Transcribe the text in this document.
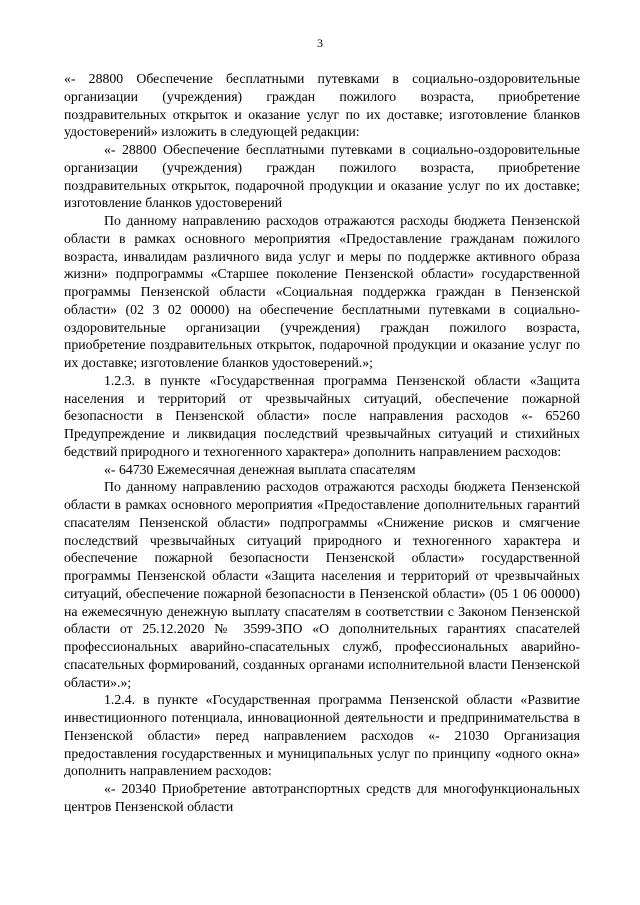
3

«- 28800 Обеспечение бесплатными путевками в социально-оздоровительные организации (учреждения) граждан пожилого возраста, приобретение поздравительных открыток и оказание услуг по их доставке; изготовление бланков удостоверений» изложить в следующей редакции:

«- 28800 Обеспечение бесплатными путевками в социально-оздоровительные организации (учреждения) граждан пожилого возраста, приобретение поздравительных открыток, подарочной продукции и оказание услуг по их доставке; изготовление бланков удостоверений

По данному направлению расходов отражаются расходы бюджета Пензенской области в рамках основного мероприятия «Предоставление гражданам пожилого возраста, инвалидам различного вида услуг и меры по поддержке активного образа жизни» подпрограммы «Старшее поколение Пензенской области» государственной программы Пензенской области «Социальная поддержка граждан в Пензенской области» (02 3 02 00000) на обеспечение бесплатными путевками в социально-оздоровительные организации (учреждения) граждан пожилого возраста, приобретение поздравительных открыток, подарочной продукции и оказание услуг по их доставке; изготовление бланков удостоверений.»;

1.2.3. в пункте «Государственная программа Пензенской области «Защита населения и территорий от чрезвычайных ситуаций, обеспечение пожарной безопасности в Пензенской области» после направления расходов «- 65260 Предупреждение и ликвидация последствий чрезвычайных ситуаций и стихийных бедствий природного и техногенного характера» дополнить направлением расходов:

«- 64730 Ежемесячная денежная выплата спасателям

По данному направлению расходов отражаются расходы бюджета Пензенской области в рамках основного мероприятия «Предоставление дополнительных гарантий спасателям Пензенской области» подпрограммы «Снижение рисков и смягчение последствий чрезвычайных ситуаций природного и техногенного характера и обеспечение пожарной безопасности Пензенской области» государственной программы Пензенской области «Защита населения и территорий от чрезвычайных ситуаций, обеспечение пожарной безопасности в Пензенской области» (05 1 06 00000) на ежемесячную денежную выплату спасателям в соответствии с Законом Пензенской области от 25.12.2020 № 3599-ЗПО «О дополнительных гарантиях спасателей профессиональных аварийно-спасательных служб, профессиональных аварийно-спасательных формирований, созданных органами исполнительной власти Пензенской области».»;

1.2.4. в пункте «Государственная программа Пензенской области «Развитие инвестиционного потенциала, инновационной деятельности и предпринимательства в Пензенской области» перед направлением расходов «- 21030 Организация предоставления государственных и муниципальных услуг по принципу «одного окна» дополнить направлением расходов:

«- 20340 Приобретение автотранспортных средств для многофункциональных центров Пензенской области
